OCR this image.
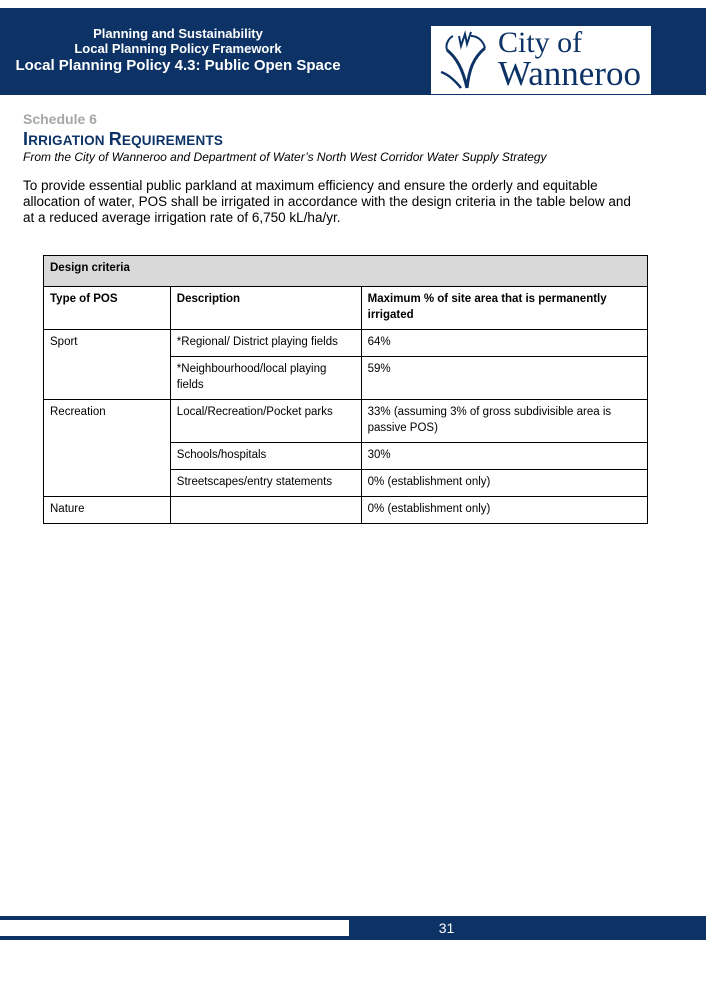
Planning and Sustainability
Local Planning Policy Framework
Local Planning Policy 4.3: Public Open Space
City of
Wanneroo
Schedule 6
IRRIGATION REQUIREMENTS
From the City of Wanneroo and Department of Water’s North West Corridor Water Supply Strategy
To provide essential public parkland at maximum efficiency and ensure the orderly and equitable allocation of water, POS shall be irrigated in accordance with the design criteria in the table below and at a reduced average irrigation rate of 6,750 kL/ha/yr.
Design criteria		
Type of POS	Description	Maximum % of site area that is permanently irrigated
Sport	*Regional/ District playing fields	64%
	*Neighbourhood/local playing fields	59%
Recreation	Local/Recreation/Pocket parks	33% (assuming 3% of gross subdivisible area is passive POS)
	Schools/hospitals	30%
	Streetscapes/entry statements	0% (establishment only)
Nature		0% (establishment only)
31
